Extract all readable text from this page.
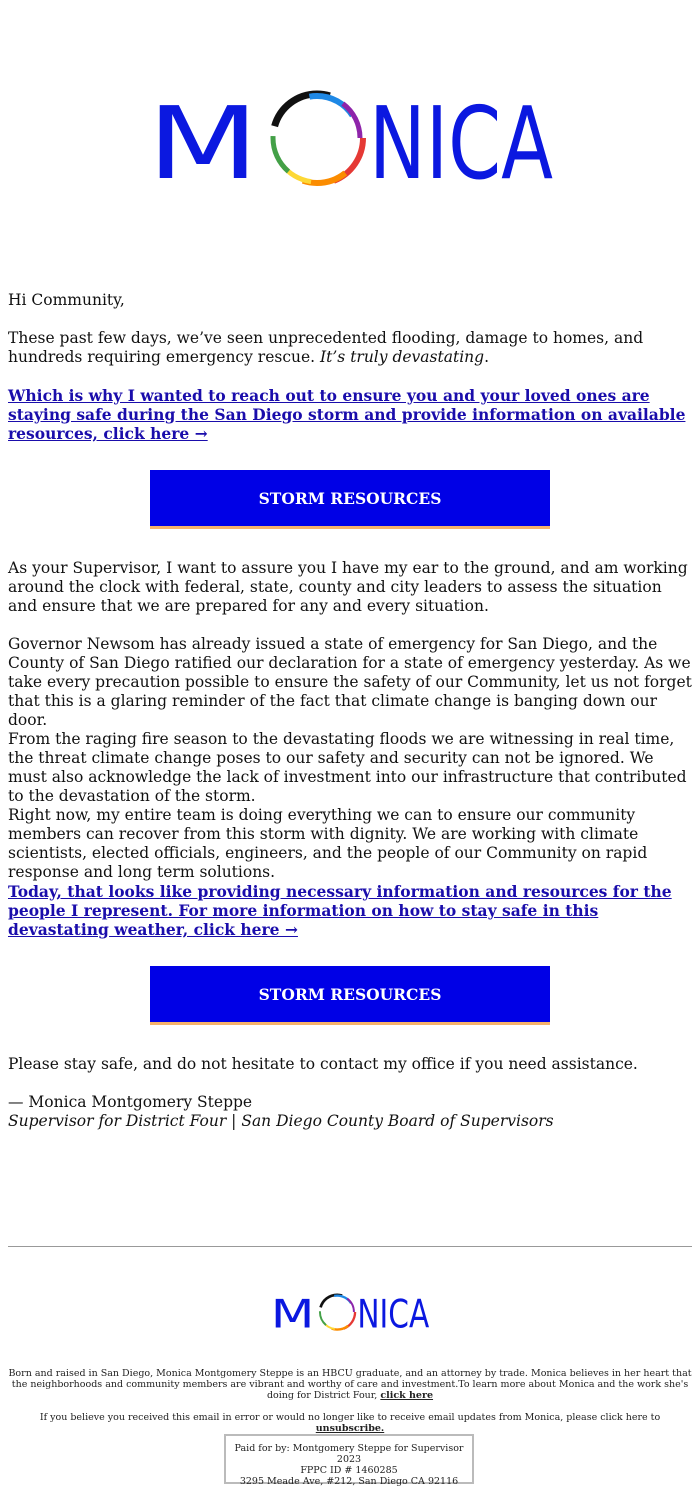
M NICA

Hi Community,

These past few days, we’ve seen unprecedented flooding, damage to homes, and hundreds requiring emergency rescue. It’s truly devastating.

Which is why I wanted to reach out to ensure you and your loved ones are staying safe during the San Diego storm and provide information on available resources, click here →

STORM RESOURCES

As your Supervisor, I want to assure you I have my ear to the ground, and am working around the clock with federal, state, county and city leaders to assess the situation and ensure that we are prepared for any and every situation.

Governor Newsom has already issued a state of emergency for San Diego, and the County of San Diego ratified our declaration for a state of emergency yesterday. As we take every precaution possible to ensure the safety of our Community, let us not forget that this is a glaring reminder of the fact that climate change is banging down our door.

From the raging fire season to the devastating floods we are witnessing in real time, the threat climate change poses to our safety and security can not be ignored. We must also acknowledge the lack of investment into our infrastructure that contributed to the devastation of the storm.

Right now, my entire team is doing everything we can to ensure our community members can recover from this storm with dignity. We are working with climate scientists, elected officials, engineers, and the people of our Community on rapid response and long term solutions.

Today, that looks like providing necessary information and resources for the people I represent. For more information on how to stay safe in this devastating weather, click here →

STORM RESOURCES

Please stay safe, and do not hesitate to contact my office if you need assistance.

— Monica Montgomery Steppe

Supervisor for District Four | San Diego County Board of Supervisors

M NICA
Born and raised in San Diego, Monica Montgomery Steppe is an HBCU graduate, and an attorney by trade. Monica believes in her heart that the neighborhoods and community members are vibrant and worthy of care and investment.To learn more about Monica and the work she's doing for District Four, click here
If you believe you received this email in error or would no longer like to receive email updates from Monica, please click here to unsubscribe.
Paid for by: Montgomery Steppe for Supervisor 2023
FPPC ID # 1460285
3295 Meade Ave, #212, San Diego CA 92116
